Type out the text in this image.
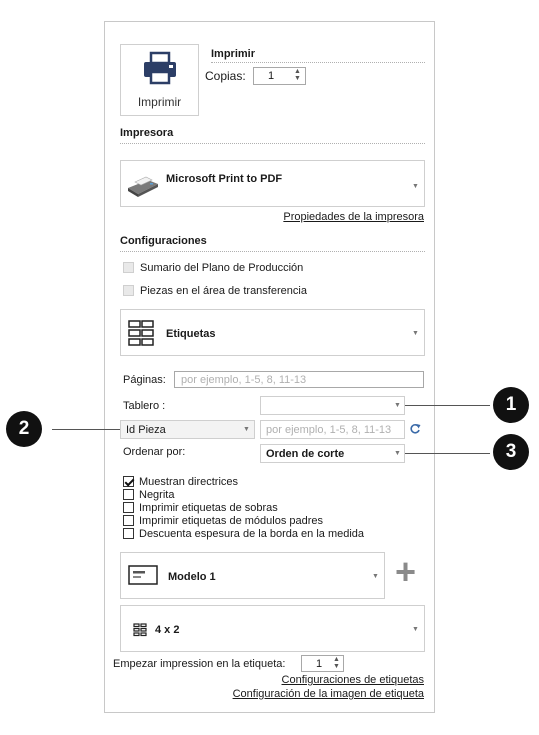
Imprimir
Imprimir
Copias: 1	▲
▼
Impresora
Microsoft Print to PDF
▼
Propiedades de la impresora
Configuraciones
Sumario del Plano de Producción
Piezas en el área de transferencia
Etiquetas	▼
Páginas: por ejemplo, 1-5, 8, 11-13
Tablero :	▼
Id Pieza	▼ por ejemplo, 1-5, 8, 11-13
Ordenar por:	Orden de corte	▼
Muestran directrices
Negrita
Imprimir etiquetas de sobras
Imprimir etiquetas de módulos padres
Descuenta espesura de la borda en la medida
Modelo 1	▼ +
4 x 2	▼
Empezar impression en la etiqueta:	1 ▲
▼
Configuraciones de etiquetas
Configuración de la imagen de etiqueta
1
2
3
